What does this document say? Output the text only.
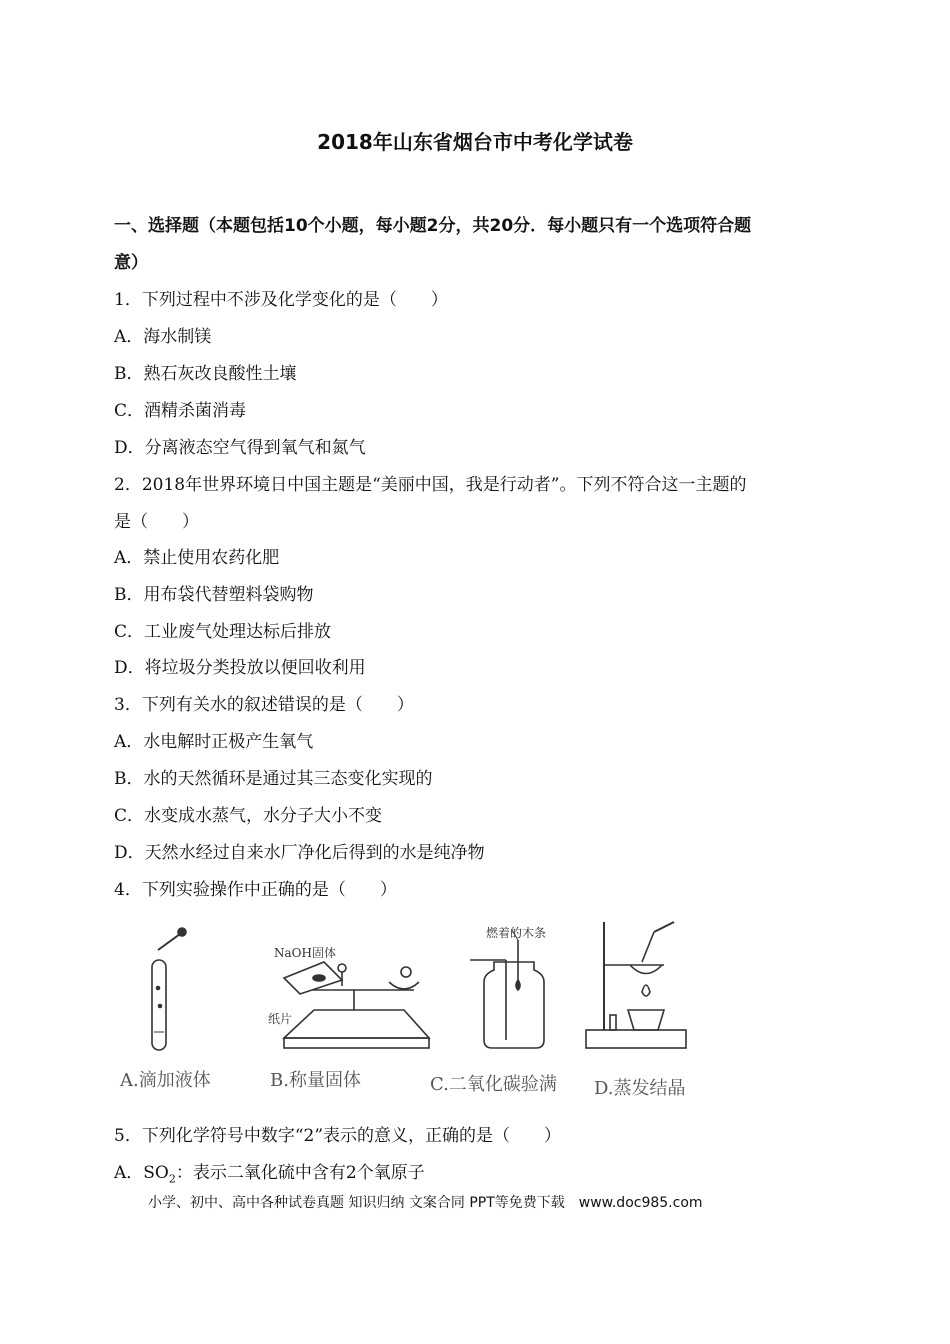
2018年山东省烟台市中考化学试卷
一、选择题（本题包括10个小题，每小题2分，共20分．每小题只有一个选项符合题
意）
1．下列过程中不涉及化学变化的是（　　）
A．海水制镁
B．熟石灰改良酸性土壤
C．酒精杀菌消毒
D．分离液态空气得到氧气和氮气
2．2018年世界环境日中国主题是“美丽中国，我是行动者”。下列不符合这一主题的
是（　　）
A．禁止使用农药化肥
B．用布袋代替塑料袋购物
C．工业废气处理达标后排放
D．将垃圾分类投放以便回收利用
3．下列有关水的叙述错误的是（　　）
A．水电解时正极产生氧气
B．水的天然循环是通过其三态变化实现的
C．水变成水蒸气，水分子大小不变
D．天然水经过自来水厂净化后得到的水是纯净物
4．下列实验操作中正确的是（　　）
NaOH固体
纸片
燃着的木条
A.滴加液体	B.称量固体	C.二氧化碳验满 D.蒸发结晶
5．下列化学符号中数字“2”表示的意义，正确的是（　　）
A．$SO_2$：表示二氧化硫中含有2个氧原子
小学、初中、高中各种试卷真题 知识归纳 文案合同 PPT等免费下载　www.doc985.com
